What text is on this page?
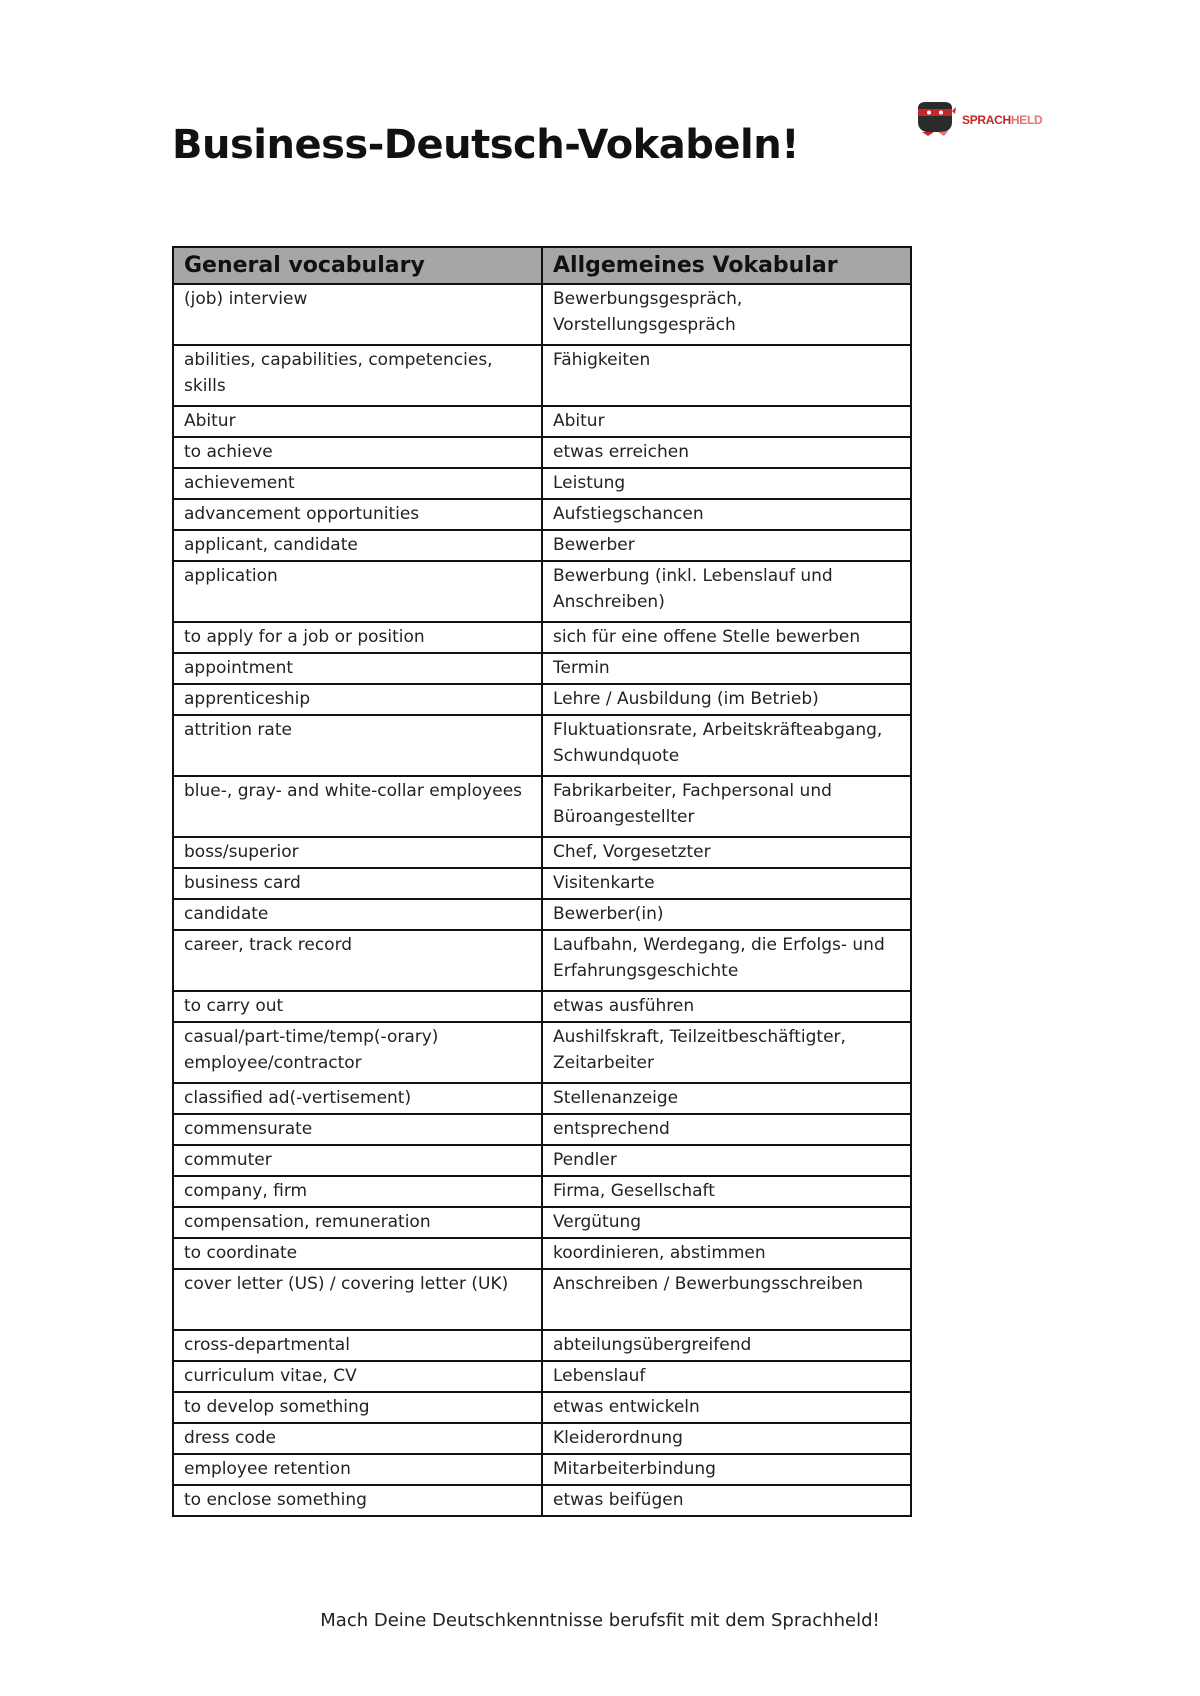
SPRACHHELD
Business-Deutsch-Vokabeln!
General vocabulary	Allgemeines Vokabular
(job) interview	Bewerbungsgespräch, Vorstellungsgespräch
abilities, capabilities, competencies, skills	Fähigkeiten
Abitur	Abitur
to achieve	etwas erreichen
achievement	Leistung
advancement opportunities	Aufstiegschancen
applicant, candidate	Bewerber
application	Bewerbung (inkl. Lebenslauf und Anschreiben)
to apply for a job or position	sich für eine offene Stelle bewerben
appointment	Termin
apprenticeship	Lehre / Ausbildung (im Betrieb)
attrition rate	Fluktuationsrate, Arbeitskräfteabgang, Schwundquote
blue-, gray- and white-collar employees	Fabrikarbeiter, Fachpersonal und Büroangestellter
boss/superior	Chef, Vorgesetzter
business card	Visitenkarte
candidate	Bewerber(in)
career, track record	Laufbahn, Werdegang, die Erfolgs- und Erfahrungsgeschichte
to carry out	etwas ausführen
casual/part-time/temp(-orary) employee/contractor	Aushilfskraft, Teilzeitbeschäftigter, Zeitarbeiter
classified ad(-vertisement)	Stellenanzeige
commensurate	entsprechend
commuter	Pendler
company, firm	Firma, Gesellschaft
compensation, remuneration	Vergütung
to coordinate	koordinieren, abstimmen
cover letter (US) / covering letter (UK)	Anschreiben / Bewerbungsschreiben
cross-departmental	abteilungsübergreifend
curriculum vitae, CV	Lebenslauf
to develop something	etwas entwickeln
dress code	Kleiderordnung
employee retention	Mitarbeiterbindung
to enclose something	etwas beifügen
Mach Deine Deutschkenntnisse berufsfit mit dem Sprachheld!
